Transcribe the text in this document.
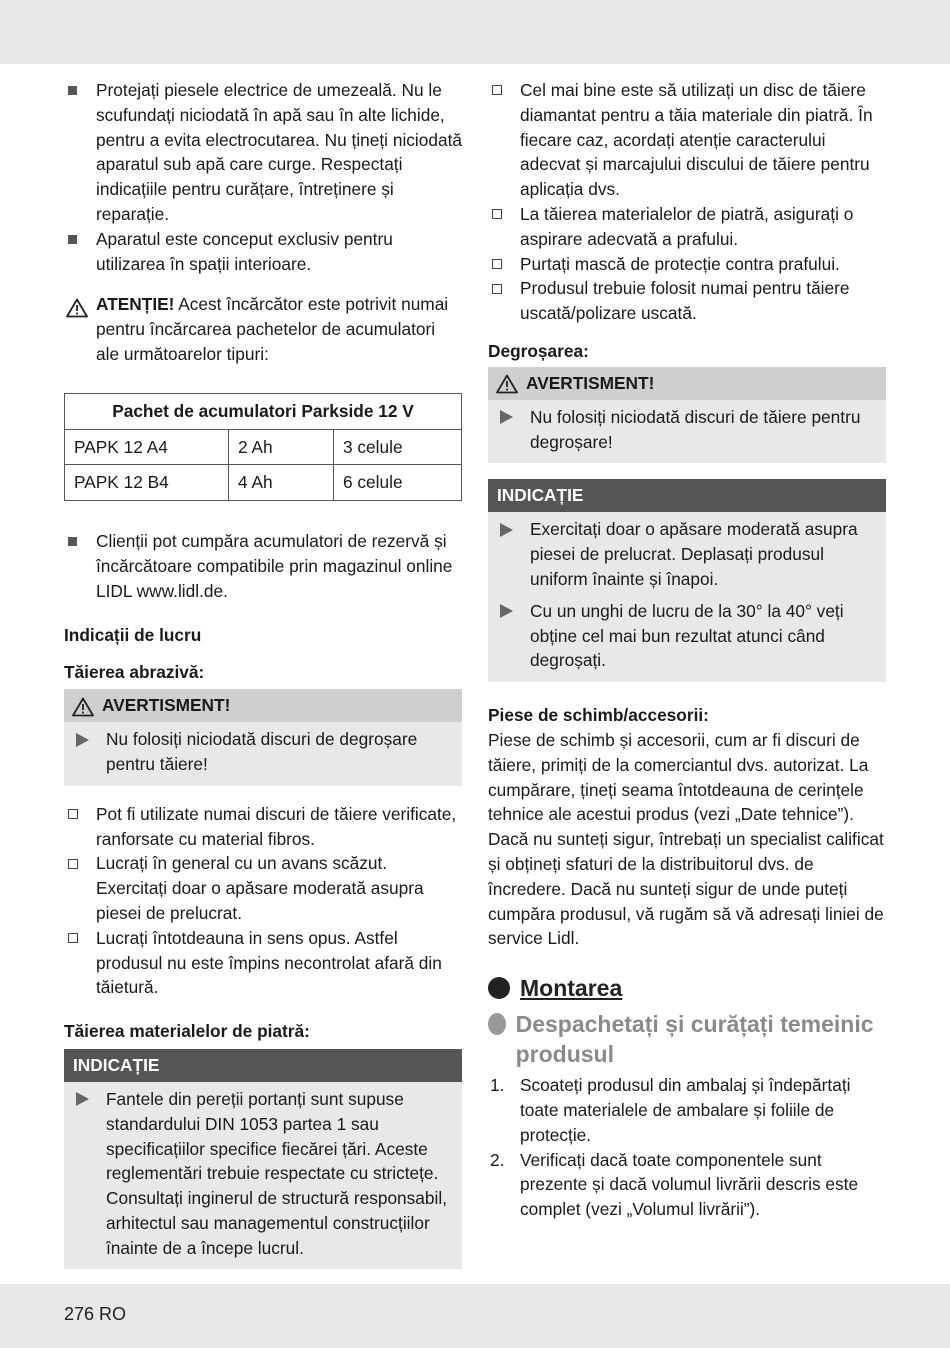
Protejați piesele electrice de umezeală. Nu le scufundați niciodată în apă sau în alte lichide, pentru a evita electrocutarea. Nu țineți niciodată aparatul sub apă care curge. Respectați indicațiile pentru curățare, întreținere și reparație.

Aparatul este conceput exclusiv pentru utilizarea în spații interioare.

ATENȚIE! Acest încărcător este potrivit numai pentru încărcarea pachetelor de acumulatori ale următoarelor tipuri:

Pachet de acumulatori Parkside 12 V		
PAPK 12 A4	2 Ah	3 celule
PAPK 12 B4	4 Ah	6 celule

Clienții pot cumpăra acumulatori de rezervă și încărcătoare compatibile prin magazinul online LIDL www.lidl.de.

Indicații de lucru

Tăierea abrazivă:

AVERTISMENT!

Nu folosiți niciodată discuri de degroșare pentru tăiere!

Pot fi utilizate numai discuri de tăiere verificate, ranforsate cu material fibros.

Lucrați în general cu un avans scăzut. Exercitați doar o apăsare moderată asupra piesei de prelucrat.

Lucrați întotdeauna in sens opus. Astfel produsul nu este împins necontrolat afară din tăietură.

Tăierea materialelor de piatră:

INDICAȚIE

Fantele din pereții portanți sunt supuse standardului DIN 1053 partea 1 sau specificațiilor specifice fiecărei țări. Aceste reglementări trebuie respectate cu strictețe. Consultați inginerul de structură responsabil, arhitectul sau managementul construcțiilor înainte de a începe lucrul.

Cel mai bine este să utilizați un disc de tăiere diamantat pentru a tăia materiale din piatră. În fiecare caz, acordați atenție caracterului adecvat și marcajului discului de tăiere pentru aplicația dvs.

La tăierea materialelor de piatră, asigurați o aspirare adecvată a prafului.

Purtați mască de protecție contra prafului.

Produsul trebuie folosit numai pentru tăiere uscată/polizare uscată.

Degroșarea:

AVERTISMENT!

Nu folosiți niciodată discuri de tăiere pentru degroșare!

INDICAȚIE

Exercitați doar o apăsare moderată asupra piesei de prelucrat. Deplasați produsul uniform înainte și înapoi.

Cu un unghi de lucru de la 30° la 40° veți obține cel mai bun rezultat atunci când degroșați.

Piese de schimb/accesorii:

Piese de schimb și accesorii, cum ar fi discuri de tăiere, primiți de la comerciantul dvs. autorizat. La cumpărare, țineți seama întotdeauna de cerințele tehnice ale acestui produs (vezi „Date tehnice”). Dacă nu sunteți sigur, întrebați un specialist calificat și obțineți sfaturi de la distribuitorul dvs. de încredere. Dacă nu sunteți sigur de unde puteți cumpăra produsul, vă rugăm să vă adresați liniei de service Lidl.

Montarea
Despachetați și curățați temeinic produsul

1. Scoateți produsul din ambalaj și îndepărtați toate materialele de ambalare și foliile de protecție.

2. Verificați dacă toate componentele sunt prezente și dacă volumul livrării descris este complet (vezi „Volumul livrării”).

276 RO
